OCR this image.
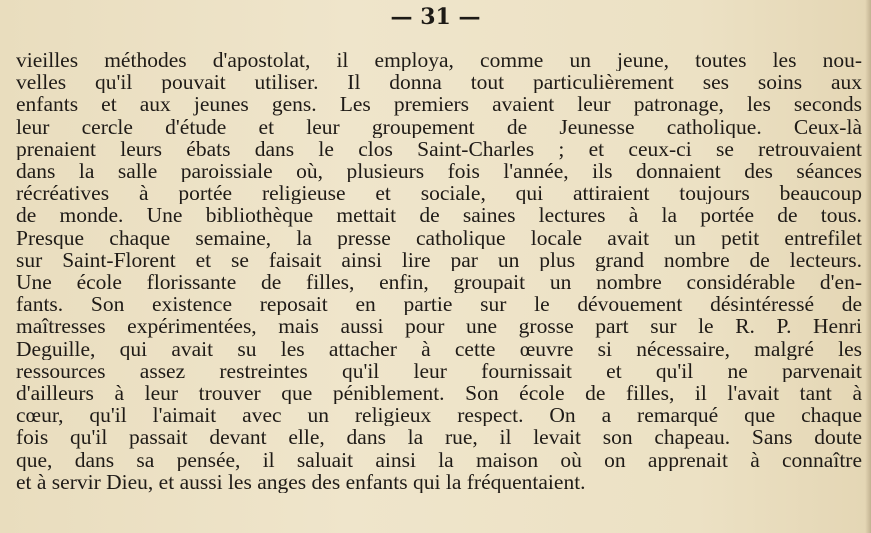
— 31 —
vieilles méthodes d'apostolat, il employa, comme un jeune, toutes les nou-
velles qu'il pouvait utiliser. Il donna tout particulièrement ses soins aux
enfants et aux jeunes gens. Les premiers avaient leur patronage, les seconds
leur cercle d'étude et leur groupement de Jeunesse catholique. Ceux-là
prenaient leurs ébats dans le clos Saint-Charles ; et ceux-ci se retrouvaient
dans la salle paroissiale où, plusieurs fois l'année, ils donnaient des séances
récréatives à portée religieuse et sociale, qui attiraient toujours beaucoup
de monde. Une bibliothèque mettait de saines lectures à la portée de tous.
Presque chaque semaine, la presse catholique locale avait un petit entrefilet
sur Saint-Florent et se faisait ainsi lire par un plus grand nombre de lecteurs.
Une école florissante de filles, enfin, groupait un nombre considérable d'en-
fants. Son existence reposait en partie sur le dévouement désintéressé de
maîtresses expérimentées, mais aussi pour une grosse part sur le R. P. Henri
Deguille, qui avait su les attacher à cette œuvre si nécessaire, malgré les
ressources assez restreintes qu'il leur fournissait et qu'il ne parvenait
d'ailleurs à leur trouver que péniblement. Son école de filles, il l'avait tant à
cœur, qu'il l'aimait avec un religieux respect. On a remarqué que chaque
fois qu'il passait devant elle, dans la rue, il levait son chapeau. Sans doute
que, dans sa pensée, il saluait ainsi la maison où on apprenait à connaître
et à servir Dieu, et aussi les anges des enfants qui la fréquentaient.
